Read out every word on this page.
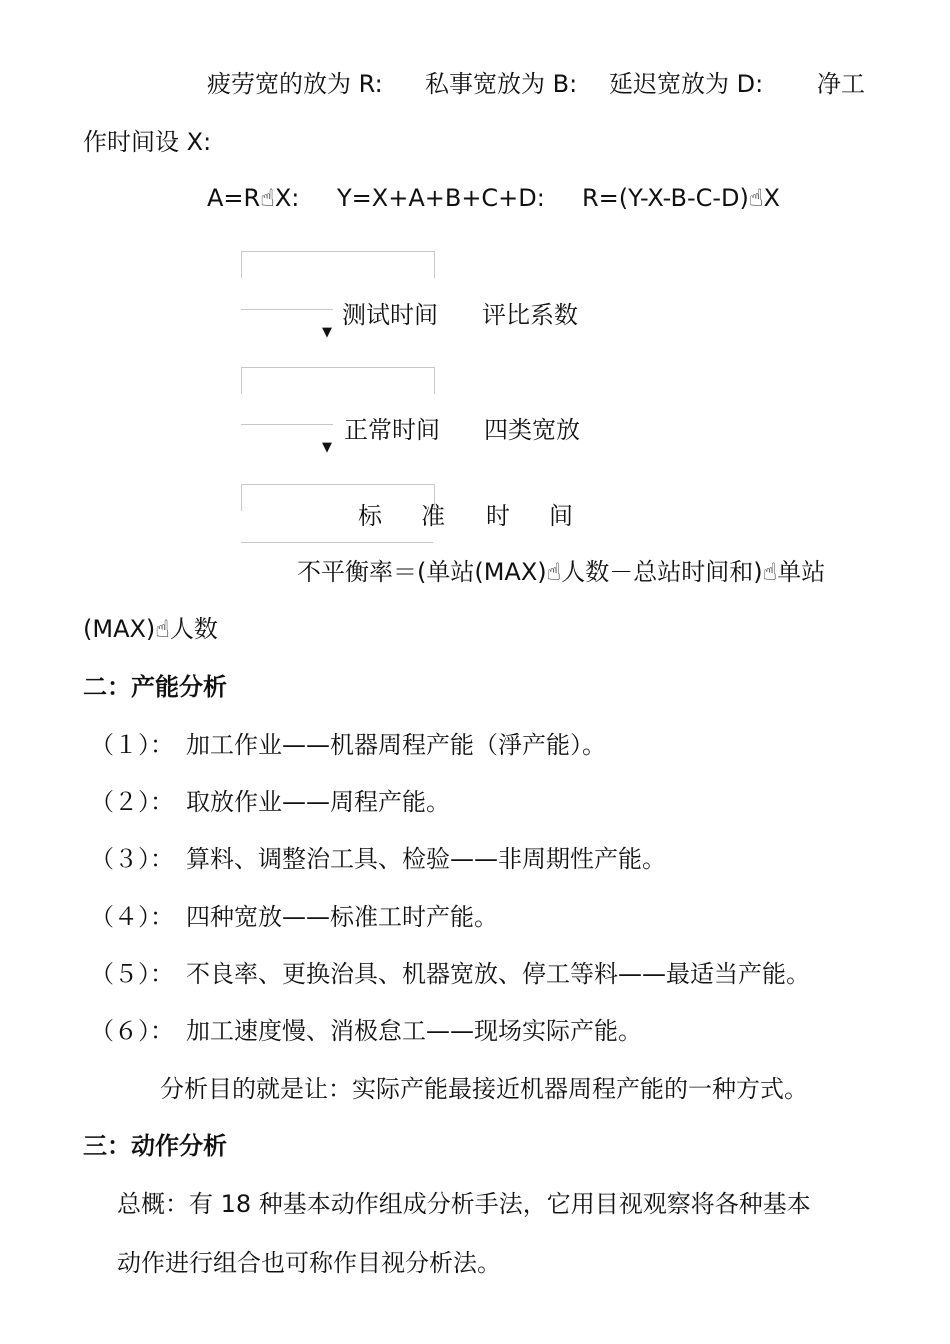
疲劳宽的放为 R: 私事宽放为 B: 延迟宽放为 D: 净工
作时间设 X:
A=R☝X: Y=X+A+B+C+D: R=(Y-X-B-C-D)☝X
▼
测试时间 评比系数
▼
正常时间 四类宽放
标 准 时 间
不平衡率＝(单站(MAX)☝人数－总站时间和)☝单站
(MAX)☝人数
二：产能分析
（１）： 加工作业——机器周程产能（淨产能）。
（２）： 取放作业——周程产能。
（３）： 算料、调整治工具、检验——非周期性产能。
（４）： 四种宽放——标准工时产能。
（５）： 不良率、更换治具、机器宽放、停工等料——最适当产能。
（６）： 加工速度慢、消极怠工——现场实际产能。
分析目的就是让：实际产能最接近机器周程产能的一种方式。
三：动作分析
总概：有 18 种基本动作组成分析手法，它用目视观察将各种基本
动作进行组合也可称作目视分析法。
